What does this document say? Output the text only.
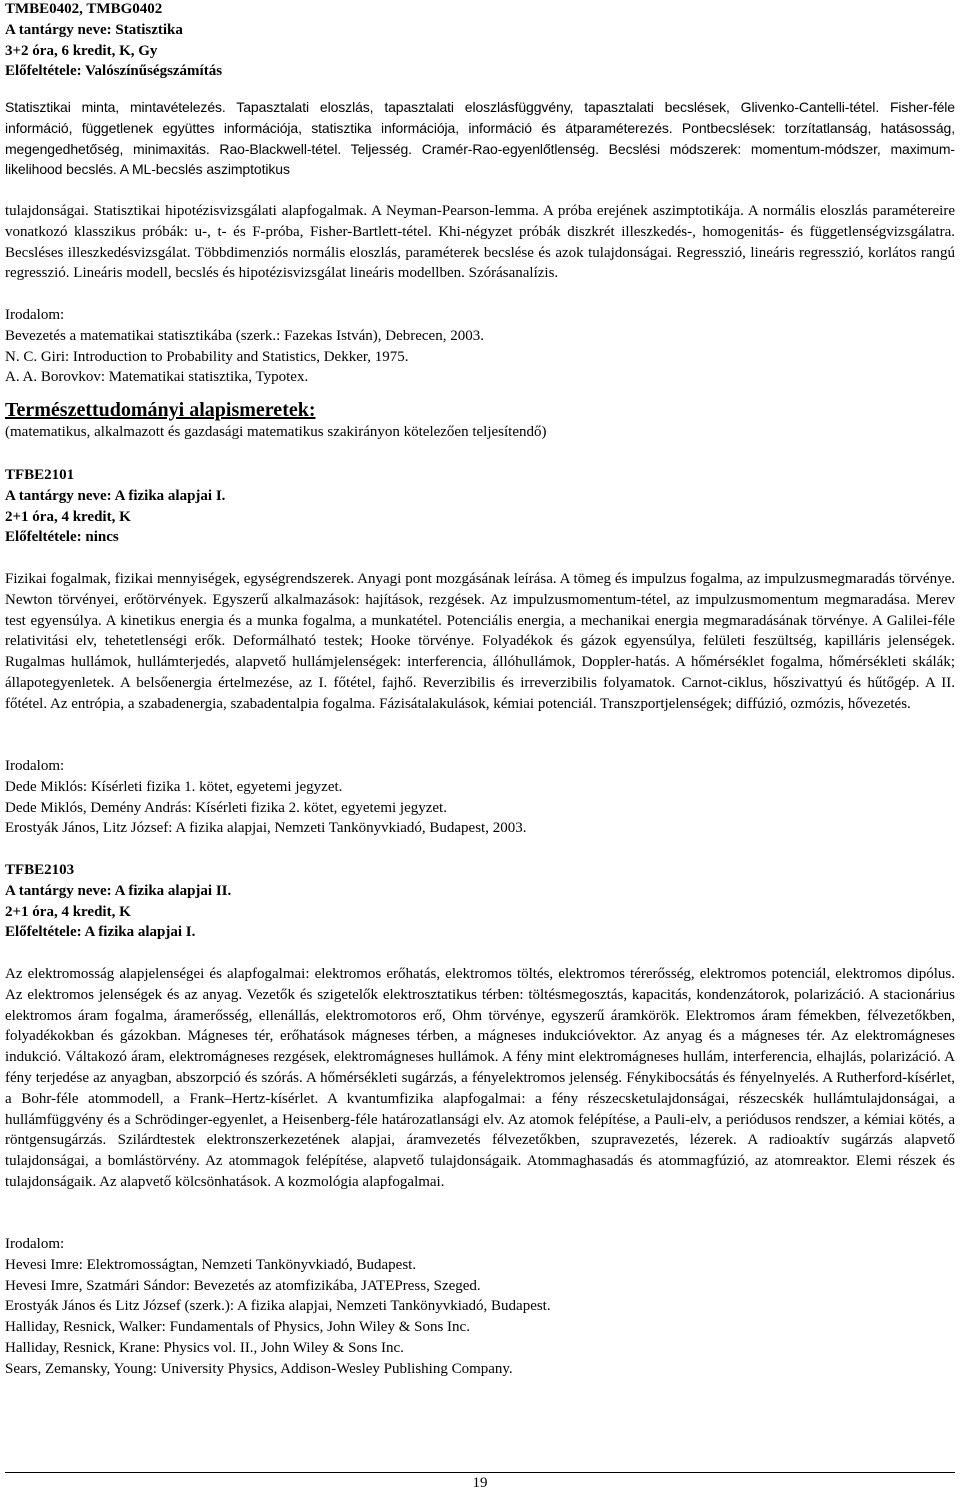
TMBE0402, TMBG0402
A tantárgy neve: Statisztika
3+2 óra, 6 kredit, K, Gy
Előfeltétele: Valószínűségszámítás

Statisztikai minta, mintavételezés. Tapasztalati eloszlás, tapasztalati eloszlásfüggvény, tapasztalati becslések, Glivenko-Cantelli-tétel. Fisher-féle információ, függetlenek együttes információja, statisztika információja, információ és átparaméterezés. Pontbecslések: torzítatlanság, hatásosság, megengedhetőség, minimaxitás. Rao-Blackwell-tétel. Teljesség. Cramér-Rao-egyenlőtlenség. Becslési módszerek: momentum-módszer, maximum-likelihood becslés. A ML-becslés aszimptotikus

tulajdonságai. Statisztikai hipotézisvizsgálati alapfogalmak. A Neyman-Pearson-lemma. A próba erejének aszimptotikája. A normális eloszlás paramétereire vonatkozó klasszikus próbák: u-, t- és F-próba, Fisher-Bartlett-tétel. Khi-négyzet próbák diszkrét illeszkedés-, homogenitás- és függetlenségvizsgálatra. Becsléses illeszkedésvizsgálat. Többdimenziós normális eloszlás, paraméterek becslése és azok tulajdonságai. Regresszió, lineáris regresszió, korlátos rangú regresszió. Lineáris modell, becslés és hipotézisvizsgálat lineáris modellben. Szórásanalízis.

Irodalom:
Bevezetés a matematikai statisztikába (szerk.: Fazekas István), Debrecen, 2003.
N. C. Giri: Introduction to Probability and Statistics, Dekker, 1975.
A. A. Borovkov: Matematikai statisztika, Typotex.
Természettudományi alapismeretek:
(matematikus, alkalmazott és gazdasági matematikus szakirányon kötelezően teljesítendő)
TFBE2101
A tantárgy neve: A fizika alapjai I.
2+1 óra, 4 kredit, K
Előfeltétele: nincs

Fizikai fogalmak, fizikai mennyiségek, egységrendszerek. Anyagi pont mozgásának leírása. A tömeg és impulzus fogalma, az impulzusmegmaradás törvénye. Newton törvényei, erőtörvények. Egyszerű alkalmazások: hajítások, rezgések. Az impulzusmomentum-tétel, az impulzusmomentum megmaradása. Merev test egyensúlya. A kinetikus energia és a munka fogalma, a munkatétel. Potenciális energia, a mechanikai energia megmaradásának törvénye. A Galilei-féle relativitási elv, tehetetlenségi erők. Deformálható testek; Hooke törvénye. Folyadékok és gázok egyensúlya, felületi feszültség, kapilláris jelenségek. Rugalmas hullámok, hullámterjedés, alapvető hullámjelenségek: interferencia, állóhullámok, Doppler-hatás. A hőmérséklet fogalma, hőmérsékleti skálák; állapotegyenletek. A belsőenergia értelmezése, az I. főtétel, fajhő. Reverzibilis és irreverzibilis folyamatok. Carnot-ciklus, hőszivattyú és hűtőgép. A II. főtétel. Az entrópia, a szabadenergia, szabadentalpia fogalma. Fázisátalakulások, kémiai potenciál. Transzportjelenségek; diffúzió, ozmózis, hővezetés.

Irodalom:
Dede Miklós: Kísérleti fizika 1. kötet, egyetemi jegyzet.
Dede Miklós, Demény András: Kísérleti fizika 2. kötet, egyetemi jegyzet.
Erostyák János, Litz József: A fizika alapjai, Nemzeti Tankönyvkiadó, Budapest, 2003.
TFBE2103
A tantárgy neve: A fizika alapjai II.
2+1 óra, 4 kredit, K
Előfeltétele: A fizika alapjai I.

Az elektromosság alapjelenségei és alapfogalmai: elektromos erőhatás, elektromos töltés, elektromos térerősség, elektromos potenciál, elektromos dipólus. Az elektromos jelenségek és az anyag. Vezetők és szigetelők elektrosztatikus térben: töltésmegosztás, kapacitás, kondenzátorok, polarizáció. A stacionárius elektromos áram fogalma, áramerősség, ellenállás, elektromotoros erő, Ohm törvénye, egyszerű áramkörök. Elektromos áram fémekben, félvezetőkben, folyadékokban és gázokban. Mágneses tér, erőhatások mágneses térben, a mágneses indukcióvektor. Az anyag és a mágneses tér. Az elektromágneses indukció. Váltakozó áram, elektromágneses rezgések, elektromágneses hullámok. A fény mint elektromágneses hullám, interferencia, elhajlás, polarizáció. A fény terjedése az anyagban, abszorpció és szórás. A hőmérsékleti sugárzás, a fényelektromos jelenség. Fénykibocsátás és fényelnyelés. A Rutherford-kísérlet, a Bohr-féle atommodell, a Frank–Hertz-kísérlet. A kvantumfizika alapfogalmai: a fény részecsketulajdonságai, részecskék hullámtulajdonságai, a hullámfüggvény és a Schrödinger-egyenlet, a Heisenberg-féle határozatlansági elv. Az atomok felépítése, a Pauli-elv, a periódusos rendszer, a kémiai kötés, a röntgensugárzás. Szilárdtestek elektronszerkezetének alapjai, áramvezetés félvezetőkben, szupravezetés, lézerek. A radioaktív sugárzás alapvető tulajdonságai, a bomlástörvény. Az atommagok felépítése, alapvető tulajdonságaik. Atommaghasadás és atommagfúzió, az atomreaktor. Elemi részek és tulajdonságaik. Az alapvető kölcsönhatások. A kozmológia alapfogalmai.

Irodalom:
Hevesi Imre: Elektromosságtan, Nemzeti Tankönyvkiadó, Budapest.
Hevesi Imre, Szatmári Sándor: Bevezetés az atomfizikába, JATEPress, Szeged.
Erostyák János és Litz József (szerk.): A fizika alapjai, Nemzeti Tankönyvkiadó, Budapest.
Halliday, Resnick, Walker: Fundamentals of Physics, John Wiley & Sons Inc.
Halliday, Resnick, Krane: Physics vol. II., John Wiley & Sons Inc.
Sears, Zemansky, Young: University Physics, Addison-Wesley Publishing Company.
19
